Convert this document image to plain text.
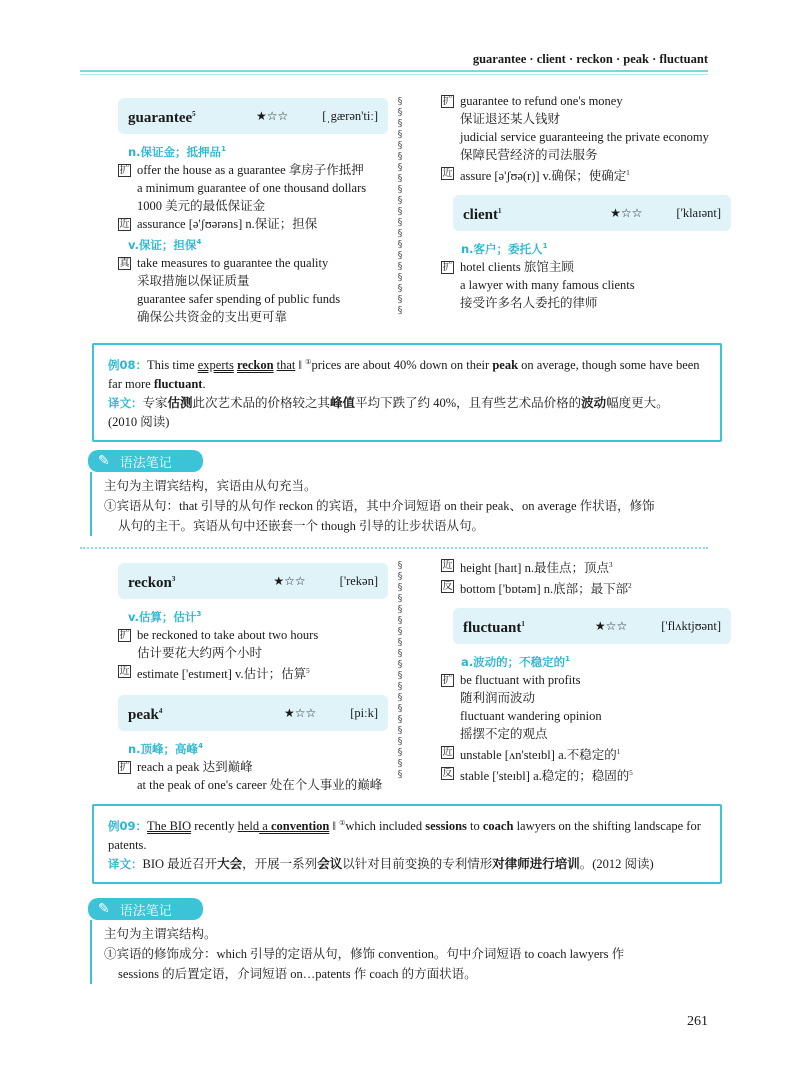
guarantee · client · reckon · peak · fluctuant
guarantee$^5$	★☆☆	[ˌgærən'tiː]
n.保证金；抵押品$^1$
扩 offer the house as a guarantee 拿房子作抵押
a minimum guarantee of one thousand dollars
1000 美元的最低保证金
近 assurance [ə'ʃʊərəns] n.保证；担保
v.保证；担保$^4$
真 take measures to guarantee the quality
采取措施以保证质量
guarantee safer spending of public funds
确保公共资金的支出更可靠
§
§
§
§
§
§
§
§
§
§
§
§
§
§
§
§
§
§
§
§
扩 guarantee to refund one's money
保证退还某人钱财
judicial service guaranteeing the private economy
保障民营经济的司法服务
近 assure [ə'ʃʊə(r)] v.确保；使确定$^1$
client$^1$	★☆☆	['klaɪənt]
n.客户；委托人$^1$
扩 hotel clients 旅馆主顾
a lawyer with many famous clients
接受许多名人委托的律师
例08：This time experts reckon that ‖ ①prices are about 40% down on their peak on average, though some have been far more fluctuant.
译文：专家估测此次艺术品的价格较之其峰值平均下跌了约 40%，且有些艺术品价格的波动幅度更大。
(2010 阅读)
✎ 语法笔记
主句为主谓宾结构，宾语由从句充当。
①宾语从句：that 引导的从句作 reckon 的宾语，其中介词短语 on their peak、on average 作状语，修饰
从句的主干。宾语从句中还嵌套一个 though 引导的让步状语从句。
reckon$^3$	★☆☆	['rekən]
v.估算；估计$^3$
扩 be reckoned to take about two hours
估计要花大约两个小时
近 estimate ['estɪmeɪt] v.估计；估算$^5$
peak$^4$	★☆☆	[piːk]
n.顶峰；高峰$^4$
扩 reach a peak 达到巅峰
at the peak of one's career 处在个人事业的巅峰
§
§
§
§
§
§
§
§
§
§
§
§
§
§
§
§
§
§
§
§
近 height [haɪt] n.最佳点；顶点$^3$
反 bottom ['bɒtəm] n.底部；最下部$^2$
fluctuant$^1$	★☆☆	['flʌktjʊənt]
a.波动的；不稳定的$^1$
扩 be fluctuant with profits
随利润而波动
fluctuant wandering opinion
摇摆不定的观点
近 unstable [ʌn'steɪbl] a.不稳定的$^1$
反 stable ['steɪbl] a.稳定的；稳固的$^5$
例09：The BIO recently held a convention ‖ ①which included sessions to coach lawyers on the shifting landscape for patents.
译文：BIO 最近召开大会，开展一系列会议以针对目前变换的专利情形对律师进行培训。(2012 阅读)
✎ 语法笔记
主句为主谓宾结构。
①宾语的修饰成分：which 引导的定语从句，修饰 convention。句中介词短语 to coach lawyers 作
sessions 的后置定语，介词短语 on…patents 作 coach 的方面状语。
261
